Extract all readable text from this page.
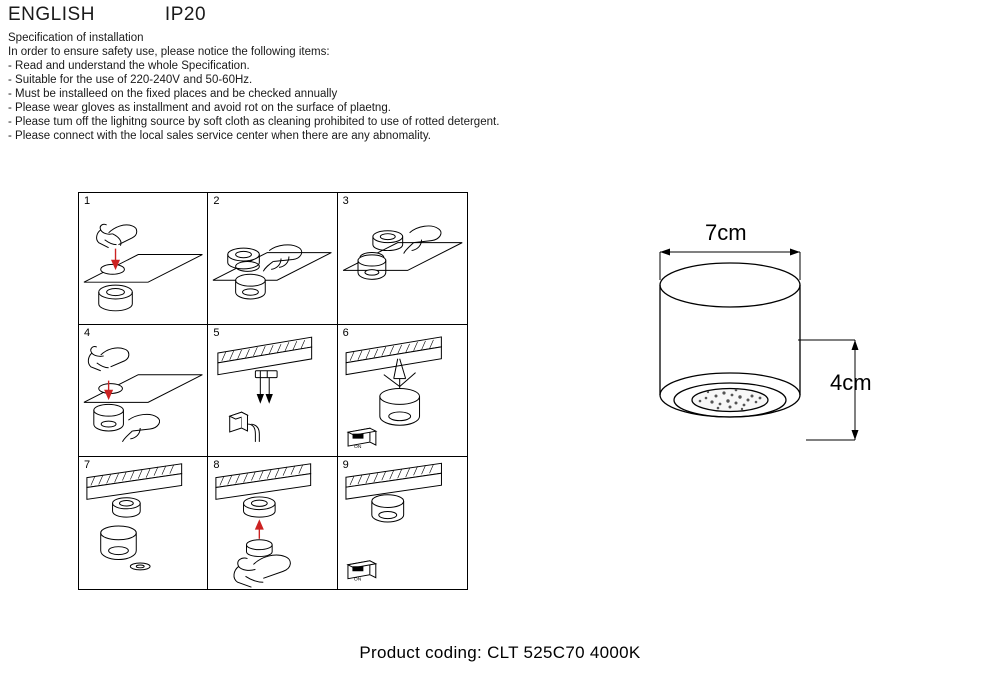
ENGLISH	IP20
Specification of installation
In order to ensure safety use, please notice the following items:
- Read and understand the whole Specification.
- Suitable for the use of 220-240V and 50-60Hz.
- Must be installeed on the fixed places and be checked annually
- Please wear gloves as installment and avoid rot on the surface of plaetng.
- Please tum off the lighitng source by soft cloth as cleaning prohibited to use of rotted detergent.
- Please connect with the local sales service center when there are any abnomality.
1	2	3
4	5	6
ON
7	8	9
ON
7cm
4cm
Product coding: CLT 525C70 4000K
